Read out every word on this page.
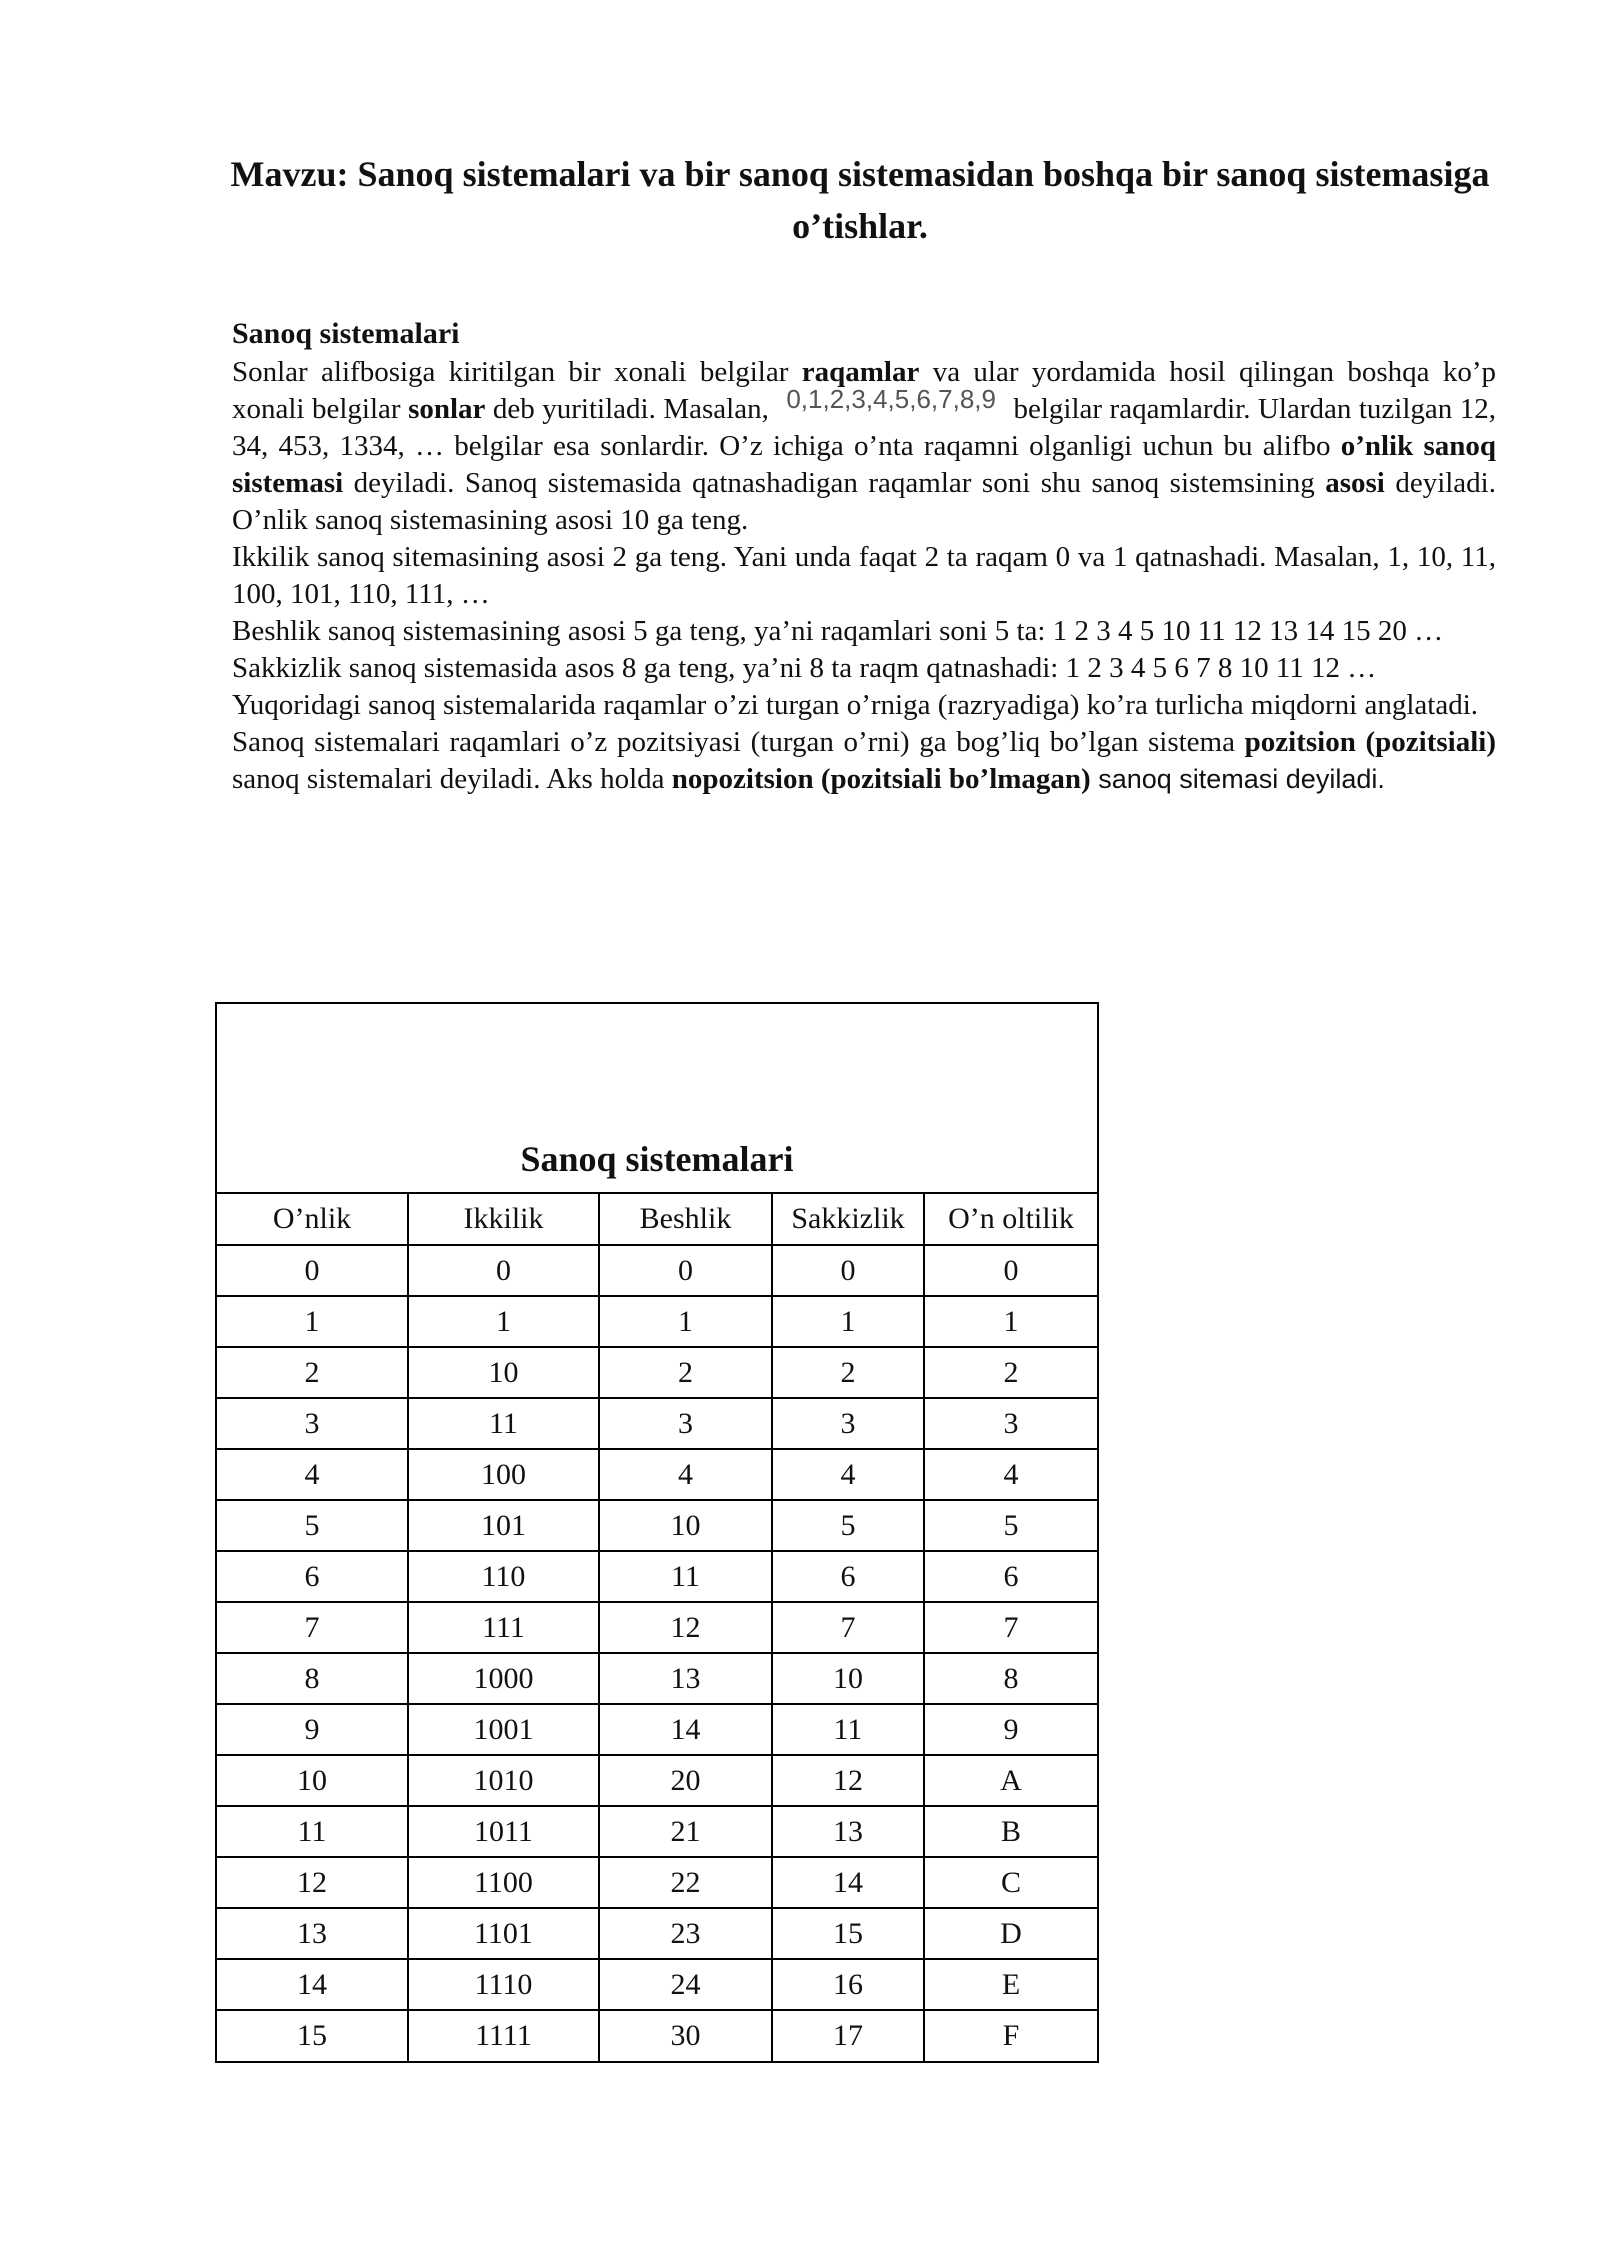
Mavzu: Sanoq sistemalari va bir sanoq sistemasidan boshqa bir sanoq sistemasiga o’tishlar.
Sanoq sistemalari

Sonlar alifbosiga kiritilgan bir xonali belgilar raqamlar va ular yordamida hosil qilingan boshqa ko’p xonali belgilar sonlar deb yuritiladi. Masalan, 0,1,2,3,4,5,6,7,8,9 belgilar raqamlardir. Ulardan tuzilgan 12, 34, 453, 1334, … belgilar esa sonlardir. O’z ichiga o’nta raqamni olganligi uchun bu alifbo o’nlik sanoq sistemasi deyiladi. Sanoq sistemasida qatnashadigan raqamlar soni shu sanoq sistemsining asosi deyiladi. O’nlik sanoq sistemasining asosi 10 ga teng.

Ikkilik sanoq sitemasining asosi 2 ga teng. Yani unda faqat 2 ta raqam 0 va 1 qatnashadi. Masalan, 1, 10, 11, 100, 101, 110, 111, …

Beshlik sanoq sistemasining asosi 5 ga teng, ya’ni raqamlari soni 5 ta: 1 2 3 4 5 10 11 12 13 14 15 20 …

Sakkizlik sanoq sistemasida asos 8 ga teng, ya’ni 8 ta raqm qatnashadi: 1 2 3 4 5 6 7 8 10 11 12 …

Yuqoridagi sanoq sistemalarida raqamlar o’zi turgan o’rniga (razryadiga) ko’ra turlicha miqdorni anglatadi.

Sanoq sistemalari raqamlari o’z pozitsiyasi (turgan o’rni) ga bog’liq bo’lgan sistema pozitsion (pozitsiali) sanoq sistemalari deyiladi. Aks holda nopozitsion (pozitsiali bo’lmagan) sanoq sitemasi deyiladi.

Sanoq sistemalari
O’nlik	Ikkilik	Beshlik	Sakkizlik	O’n oltilik
0	0	0	0	0
1	1	1	1	1
2	10	2	2	2
3	11	3	3	3
4	100	4	4	4
5	101	10	5	5
6	110	11	6	6
7	111	12	7	7
8	1000	13	10	8
9	1001	14	11	9
10	1010	20	12	A
11	1011	21	13	B
12	1100	22	14	C
13	1101	23	15	D
14	1110	24	16	E
15	1111	30	17	F
